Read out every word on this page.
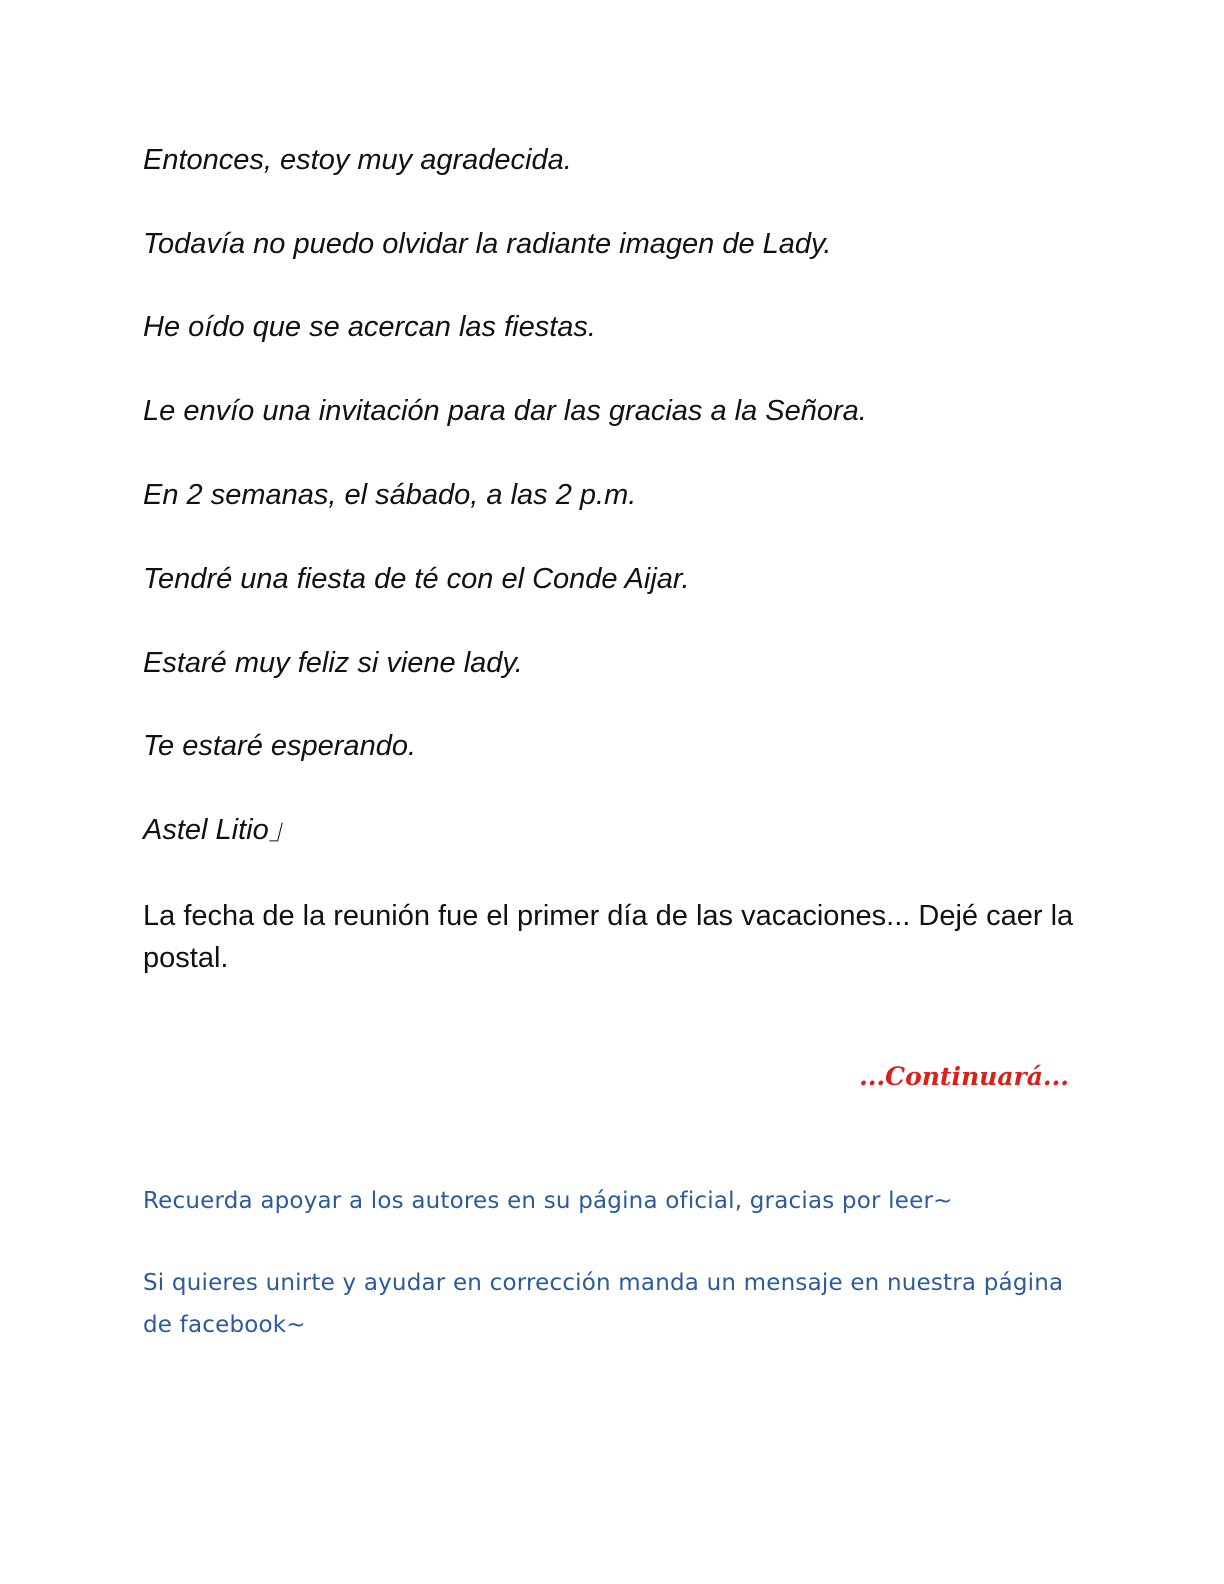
Entonces, estoy muy agradecida.
Todavía no puedo olvidar la radiante imagen de Lady.
He oído que se acercan las fiestas.
Le envío una invitación para dar las gracias a la Señora.
En 2 semanas, el sábado, a las 2 p.m.
Tendré una fiesta de té con el Conde Aijar.
Estaré muy feliz si viene lady.
Te estaré esperando.
Astel Litio」
La fecha de la reunión fue el primer día de las vacaciones... Dejé caer la postal.
...Continuará...
Recuerda apoyar a los autores en su página oficial, gracias por leer~
Si quieres unirte y ayudar en corrección manda un mensaje en nuestra página de facebook~
